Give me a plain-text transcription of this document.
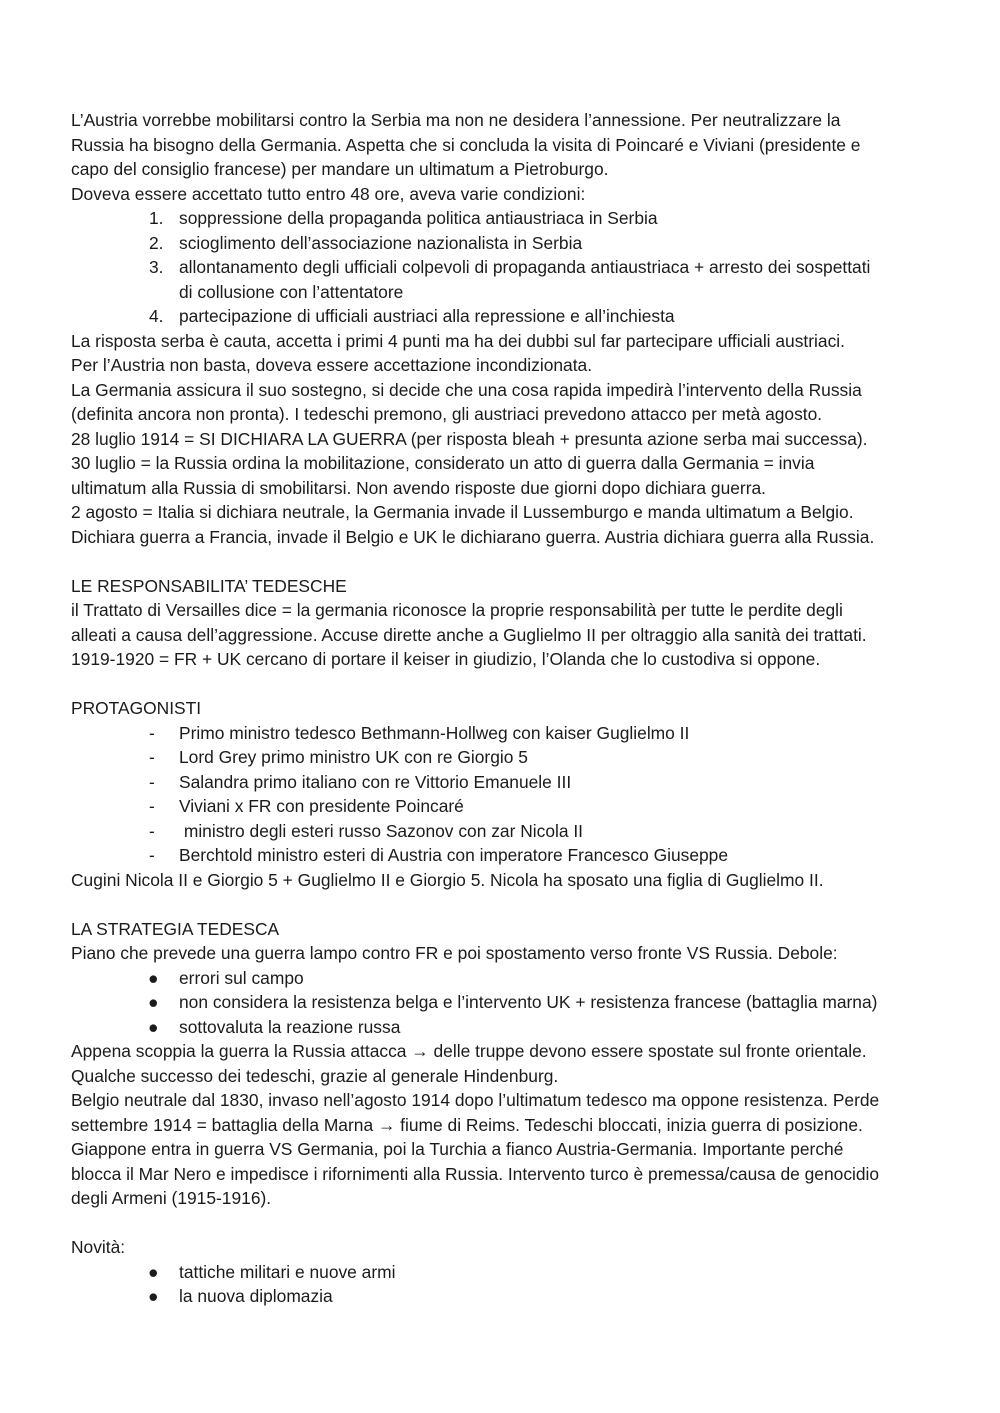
L’Austria vorrebbe mobilitarsi contro la Serbia ma non ne desidera l’annessione. Per neutralizzare la
Russia ha bisogno della Germania. Aspetta che si concluda la visita di Poincaré e Viviani (presidente e
capo del consiglio francese) per mandare un ultimatum a Pietroburgo.
Doveva essere accettato tutto entro 48 ore, aveva varie condizioni:
1. soppressione della propaganda politica antiaustriaca in Serbia
2. scioglimento dell’associazione nazionalista in Serbia
3. allontanamento degli ufficiali colpevoli di propaganda antiaustriaca + arresto dei sospettati
di collusione con l’attentatore
4. partecipazione di ufficiali austriaci alla repressione e all’inchiesta
La risposta serba è cauta, accetta i primi 4 punti ma ha dei dubbi sul far partecipare ufficiali austriaci.
Per l’Austria non basta, doveva essere accettazione incondizionata.
La Germania assicura il suo sostegno, si decide che una cosa rapida impedirà l’intervento della Russia
(definita ancora non pronta). I tedeschi premono, gli austriaci prevedono attacco per metà agosto.
28 luglio 1914 = SI DICHIARA LA GUERRA (per risposta bleah + presunta azione serba mai successa).
30 luglio = la Russia ordina la mobilitazione, considerato un atto di guerra dalla Germania = invia
ultimatum alla Russia di smobilitarsi. Non avendo risposte due giorni dopo dichiara guerra.
2 agosto = Italia si dichiara neutrale, la Germania invade il Lussemburgo e manda ultimatum a Belgio.
Dichiara guerra a Francia, invade il Belgio e UK le dichiarano guerra. Austria dichiara guerra alla Russia.
LE RESPONSABILITA’ TEDESCHE
il Trattato di Versailles dice = la germania riconosce la proprie responsabilità per tutte le perdite degli
alleati a causa dell’aggressione. Accuse dirette anche a Guglielmo II per oltraggio alla sanità dei trattati.
1919-1920 = FR + UK cercano di portare il keiser in giudizio, l’Olanda che lo custodiva si oppone.
PROTAGONISTI
-	Primo ministro tedesco Bethmann-Hollweg con kaiser Guglielmo II
-	Lord Grey primo ministro UK con re Giorgio 5
-	Salandra primo italiano con re Vittorio Emanuele III
-	Viviani x FR con presidente Poincaré
-	ministro degli esteri russo Sazonov con zar Nicola II
-	Berchtold ministro esteri di Austria con imperatore Francesco Giuseppe
Cugini Nicola II e Giorgio 5 + Guglielmo II e Giorgio 5. Nicola ha sposato una figlia di Guglielmo II.
LA STRATEGIA TEDESCA
Piano che prevede una guerra lampo contro FR e poi spostamento verso fronte VS Russia. Debole:
●	errori sul campo
●	non considera la resistenza belga e l’intervento UK + resistenza francese (battaglia marna)
●	sottovaluta la reazione russa
Appena scoppia la guerra la Russia attacca → delle truppe devono essere spostate sul fronte orientale.
Qualche successo dei tedeschi, grazie al generale Hindenburg.
Belgio neutrale dal 1830, invaso nell’agosto 1914 dopo l’ultimatum tedesco ma oppone resistenza. Perde
settembre 1914 = battaglia della Marna → fiume di Reims. Tedeschi bloccati, inizia guerra di posizione.
Giappone entra in guerra VS Germania, poi la Turchia a fianco Austria-Germania. Importante perché
blocca il Mar Nero e impedisce i rifornimenti alla Russia. Intervento turco è premessa/causa de genocidio
degli Armeni (1915-1916).
Novità:
●	tattiche militari e nuove armi
●	la nuova diplomazia
